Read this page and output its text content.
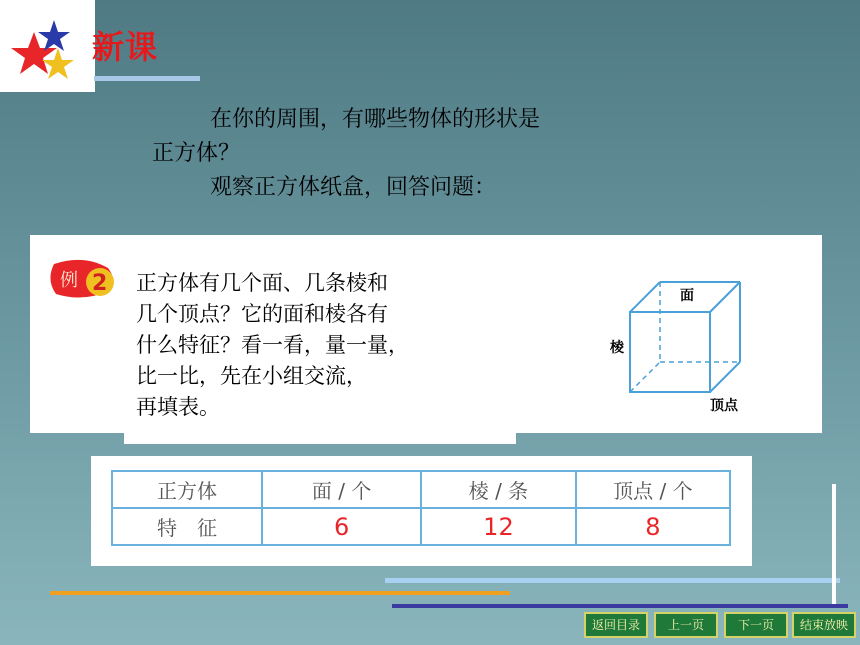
新课
在你的周围，有哪些物体的形状是
正方体？
观察正方体纸盒，回答问题：
例 2 正方体有几个面、几条棱和
几个顶点？它的面和棱各有
什么特征？看一看，量一量，
比一比，先在小组交流，
再填表。
面
棱
顶点
正方体	面 / 个	棱 / 条	顶点 / 个
特　征	6	12	8
返回目录	上一页	下一页	结束放映
